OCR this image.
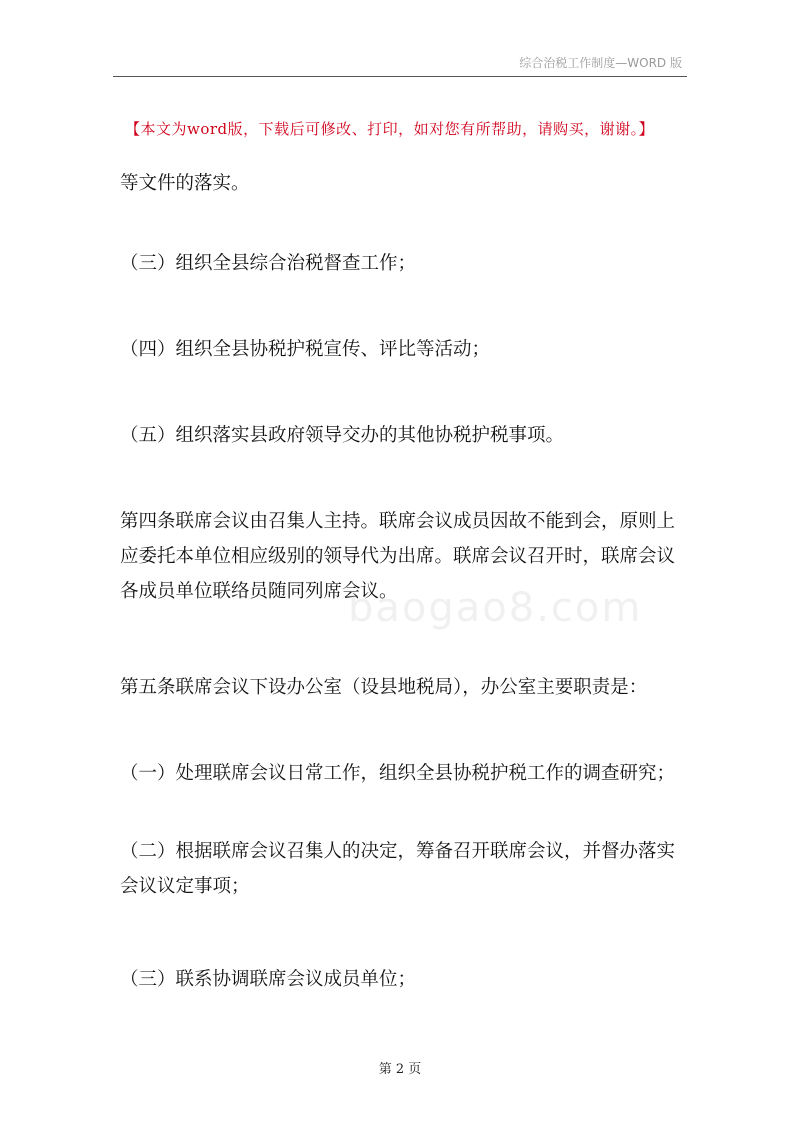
综合治税工作制度—WORD 版
【本文为word版，下载后可修改、打印，如对您有所帮助，请购买，谢谢。】
baogao8.com
等文件的落实。
（三）组织全县综合治税督查工作；
（四）组织全县协税护税宣传、评比等活动；
（五）组织落实县政府领导交办的其他协税护税事项。
第四条联席会议由召集人主持。联席会议成员因故不能到会，原则上
应委托本单位相应级别的领导代为出席。联席会议召开时，联席会议
各成员单位联络员随同列席会议。
第五条联席会议下设办公室（设县地税局），办公室主要职责是：
（一）处理联席会议日常工作，组织全县协税护税工作的调查研究；
（二）根据联席会议召集人的决定，筹备召开联席会议，并督办落实
会议议定事项；
（三）联系协调联席会议成员单位；
第 2 页
